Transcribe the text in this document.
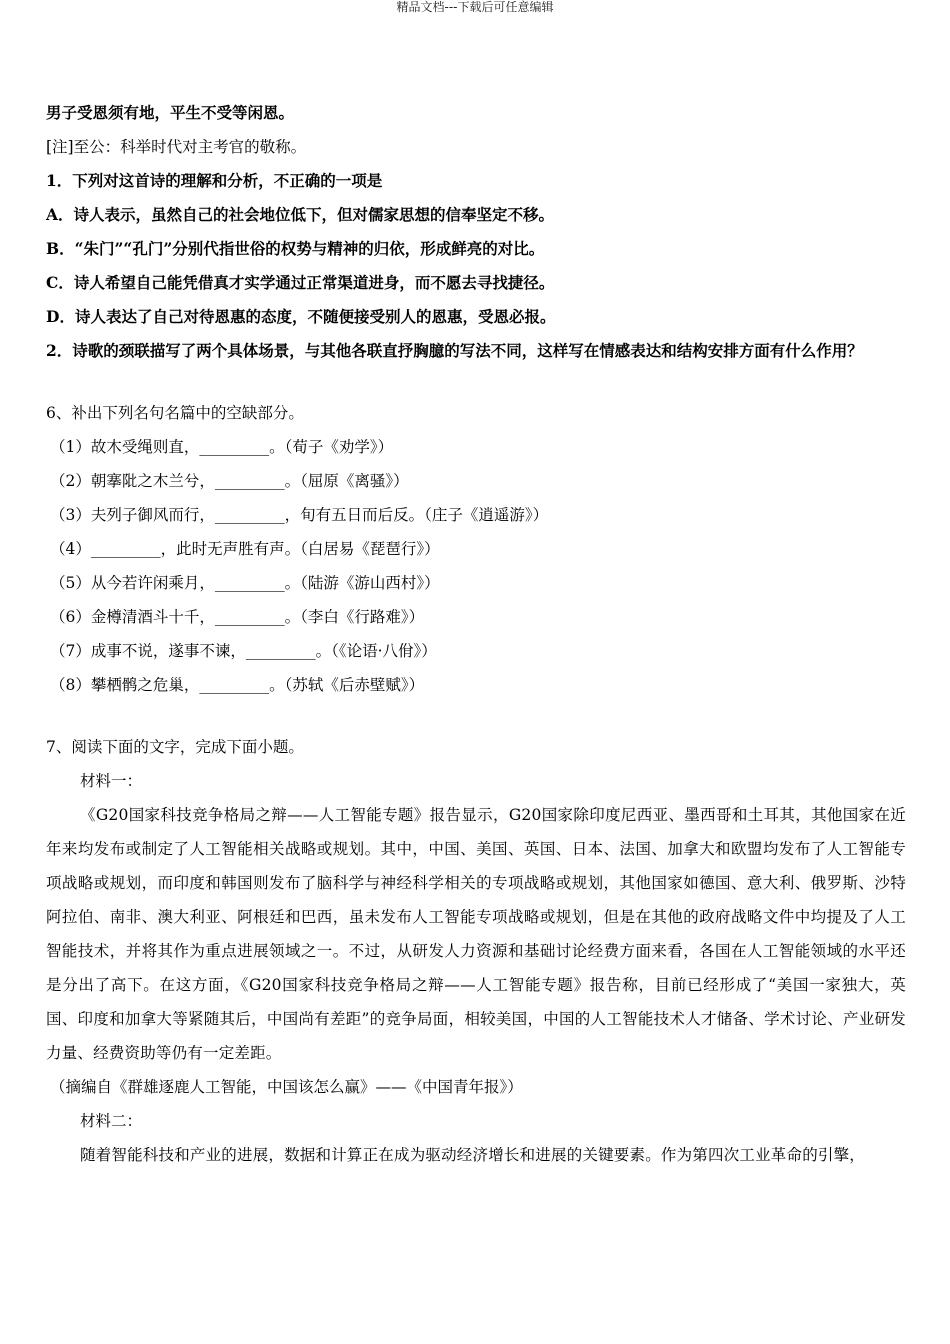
精品文档---下载后可任意编辑
男子受恩须有地，平生不受等闲恩。
[注]至公：科举时代对主考官的敬称。
1．下列对这首诗的理解和分析，不正确的一项是
A．诗人表示，虽然自己的社会地位低下，但对儒家思想的信奉坚定不移。
B．“朱门”“孔门”分别代指世俗的权势与精神的归依，形成鲜亮的对比。
C．诗人希望自己能凭借真才实学通过正常渠道进身，而不愿去寻找捷径。
D．诗人表达了自己对待恩惠的态度，不随便接受别人的恩惠，受恩必报。
2．诗歌的颈联描写了两个具体场景，与其他各联直抒胸臆的写法不同，这样写在情感表达和结构安排方面有什么作用？
6、补出下列名句名篇中的空缺部分。
（1）故木受绳则直，_________。（荀子《劝学》）
（2）朝搴阰之木兰兮，_________。（屈原《离骚》）
（3）夫列子御风而行，_________，旬有五日而后反。（庄子《逍遥游》）
（4）_________，此时无声胜有声。（白居易《琵琶行》）
（5）从今若许闲乘月，_________。（陆游《游山西村》）
（6）金樽清酒斗十千，_________。（李白《行路难》）
（7）成事不说，遂事不谏，_________。（《论语·八佾》）
（8）攀栖鹘之危巢，_________。（苏轼《后赤壁赋》）
7、阅读下面的文字，完成下面小题。
材料一：
《G20国家科技竞争格局之辩——人工智能专题》报告显示，G20国家除印度尼西亚、墨西哥和土耳其，其他国家在近年来均发布或制定了人工智能相关战略或规划。其中，中国、美国、英国、日本、法国、加拿大和欧盟均发布了人工智能专项战略或规划，而印度和韩国则发布了脑科学与神经科学相关的专项战略或规划，其他国家如德国、意大利、俄罗斯、沙特阿拉伯、南非、澳大利亚、阿根廷和巴西，虽未发布人工智能专项战略或规划，但是在其他的政府战略文件中均提及了人工智能技术，并将其作为重点进展领域之一。不过，从研发人力资源和基础讨论经费方面来看，各国在人工智能领域的水平还是分出了高下。在这方面，《G20国家科技竞争格局之辩——人工智能专题》报告称，目前已经形成了“美国一家独大，英国、印度和加拿大等紧随其后，中国尚有差距”的竞争局面，相较美国，中国的人工智能技术人才储备、学术讨论、产业研发力量、经费资助等仍有一定差距。
（摘编自《群雄逐鹿人工智能，中国该怎么赢》——《中国青年报》）
材料二：
随着智能科技和产业的进展，数据和计算正在成为驱动经济增长和进展的关键要素。作为第四次工业革命的引擎，
